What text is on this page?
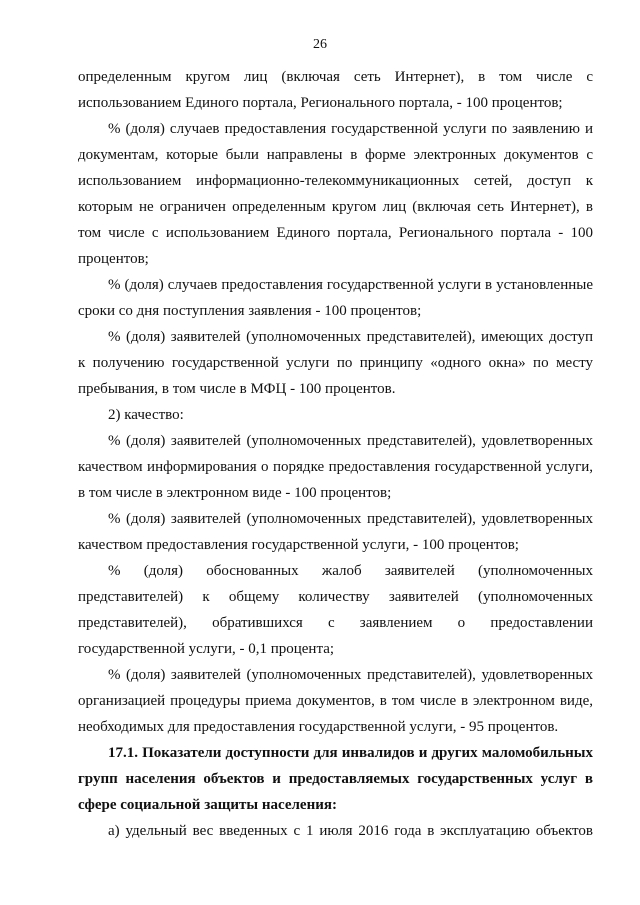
26

определенным кругом лиц (включая сеть Интернет), в том числе с использованием Единого портала, Регионального портала, - 100 процентов;

% (доля) случаев предоставления государственной услуги по заявлению и документам, которые были направлены в форме электронных документов с использованием информационно-телекоммуникационных сетей, доступ к которым не ограничен определенным кругом лиц (включая сеть Интернет), в том числе с использованием Единого портала, Регионального портала - 100 процентов;

% (доля) случаев предоставления государственной услуги в установленные сроки со дня поступления заявления - 100 процентов;

% (доля) заявителей (уполномоченных представителей), имеющих доступ к получению государственной услуги по принципу «одного окна» по месту пребывания, в том числе в МФЦ - 100 процентов.

2) качество:

% (доля) заявителей (уполномоченных представителей), удовлетворенных качеством информирования о порядке предоставления государственной услуги, в том числе в электронном виде - 100 процентов;

% (доля) заявителей (уполномоченных представителей), удовлетворенных качеством предоставления государственной услуги, - 100 процентов;

% (доля) обоснованных жалоб заявителей (уполномоченных представителей) к общему количеству заявителей (уполномоченных представителей), обратившихся с заявлением о предоставлении государственной услуги, - 0,1 процента;

% (доля) заявителей (уполномоченных представителей), удовлетворенных организацией процедуры приема документов, в том числе в электронном виде, необходимых для предоставления государственной услуги, - 95 процентов.

17.1. Показатели доступности для инвалидов и других маломобильных групп населения объектов и предоставляемых государственных услуг в сфере социальной защиты населения:

а) удельный вес введенных с 1 июля 2016 года в эксплуатацию объектов
